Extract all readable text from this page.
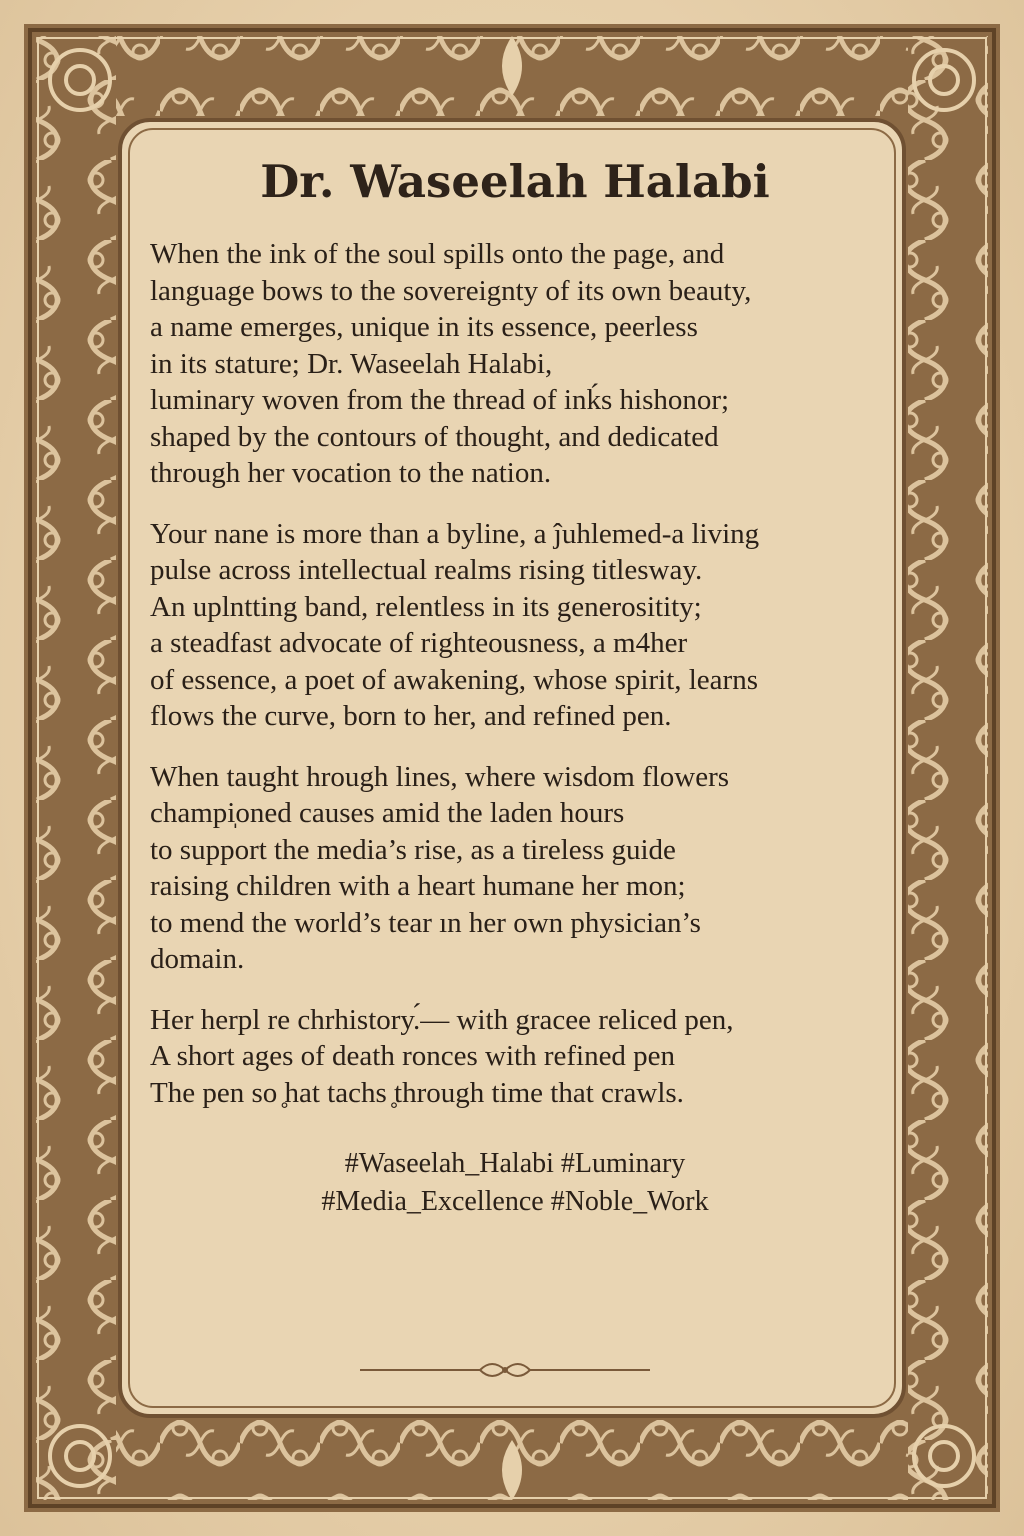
Dr. Waseelah Halabi
When the ink of the soul spills onto the page, and
language bows to the sovereignty of its own beauty,
a name emerges, unique in its essence, peerless
in its stature; Dr. Waseelah Halabi,
luminary woven from the thread of inḱs hishonor;
shaped by the contours of thought, and dedicated
through her vocation to the nation.
Your nane is more than a byline, a ĵuhlemed-a living
pulse across intellectual realms rising titlesway.
An uplntting band, relentless in its generositity;
a steadfast advocate of righteousness, a m4her
of essence, a poet of awakening, whose spirit, learns
flows the curve, born to her, and refined pen.
When taught hrough lines, where wisdom flowers
champi̩oned causes amid the laden hours
to support the media’s rise, as a tireless guide
raising children with a heart humane her mon;
to mend the world’s tear ın her own physician’s
domain.
Her herpl re chrhistory.́— with gracee reliced pen,
A short ages of death ronces with refined pen
The pen so ̥hat tachs ̥through time that crawls.
#Waseelah_Halabi #Luminary
#Media_Excellence #Noble_Work
